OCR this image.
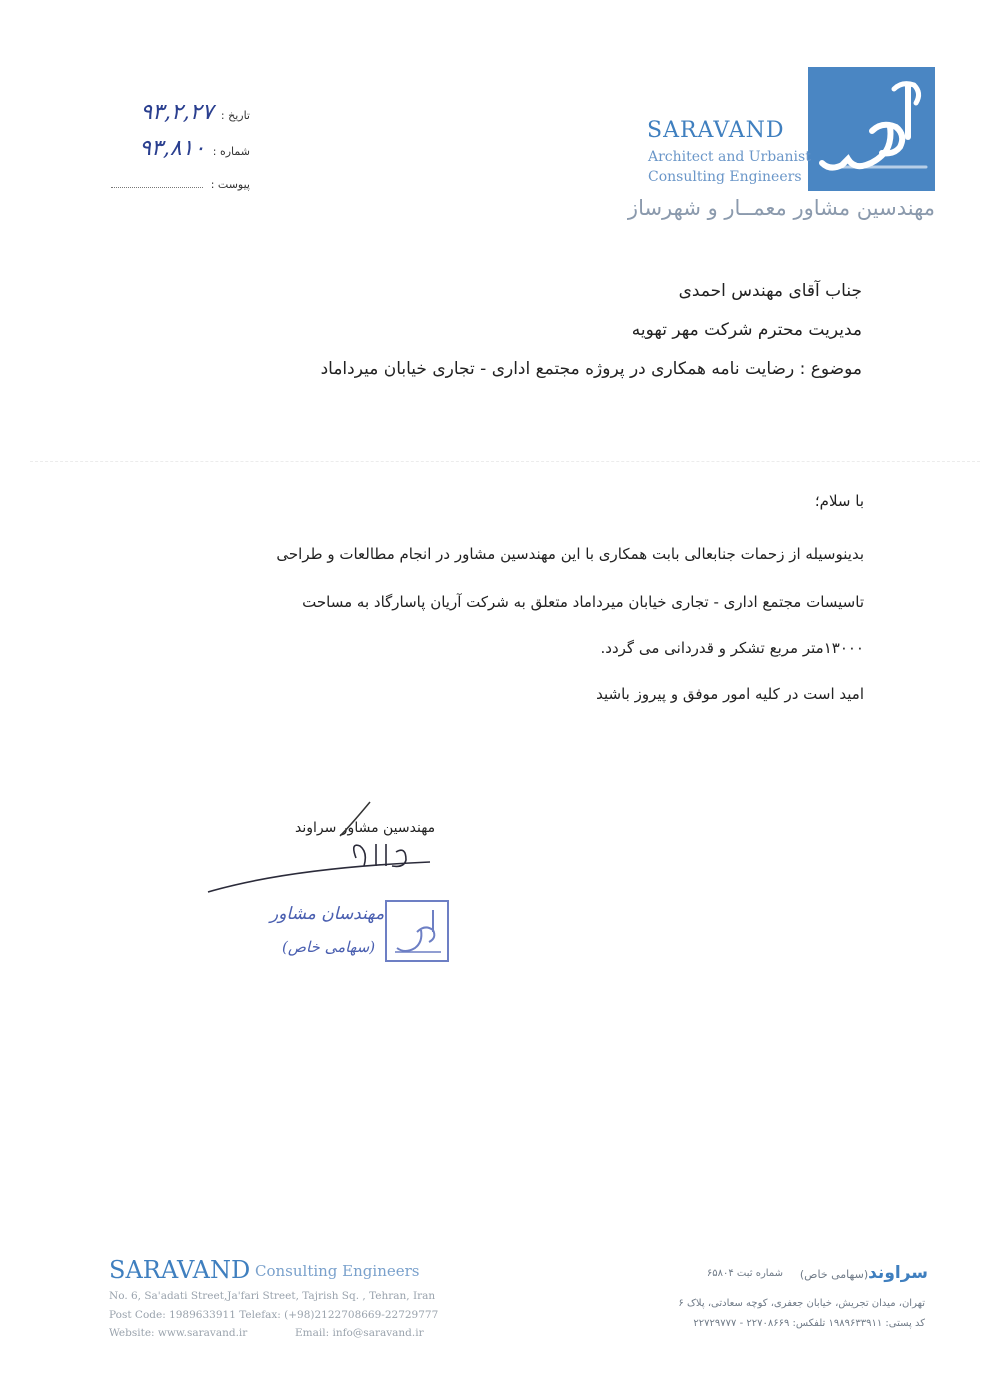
تاریخ : ۹۳,۲,۲۷
شماره : ۹۳,۸۱۰
پیوست :
SARAVAND
Architect and Urbanist
Consulting Engineers
مهندسین مشاور معمــار و شهرساز
جناب آقای مهندس احمدی
مدیریت محترم شرکت مهر تهویه
موضوع : رضایت نامه همکاری در پروژه مجتمع اداری - تجاری خیابان میرداماد
با سلام؛
بدینوسیله از زحمات جنابعالی بابت همکاری با این مهندسین مشاور در انجام مطالعات و طراحی
تاسیسات مجتمع اداری - تجاری خیابان میرداماد متعلق به شرکت آریان پاسارگاد به مساحت
۱۳۰۰۰متر مربع تشکر و قدردانی می گردد.
امید است در کلیه امور موفق و پیروز باشید
مهندسین مشاور سراوند
مهندسان مشاور
(سهامی خاص)
SARAVAND Consulting Engineers
No. 6, Sa'adati Street,Ja'fari Street, Tajrish Sq. , Tehran, Iran
Post Code: 1989633911 Telefax: (+98)2122708669-22729777
Website: www.saravand.ir	Email: info@saravand.ir
سراوند(سهامی خاص)
شماره ثبت ۶۵۸۰۴
تهران، میدان تجریش، خیابان جعفری، کوچه سعادتی، پلاک ۶
کد پستی: ۱۹۸۹۶۳۳۹۱۱ تلفکس: ۲۲۷۰۸۶۶۹ - ۲۲۷۲۹۷۷۷
